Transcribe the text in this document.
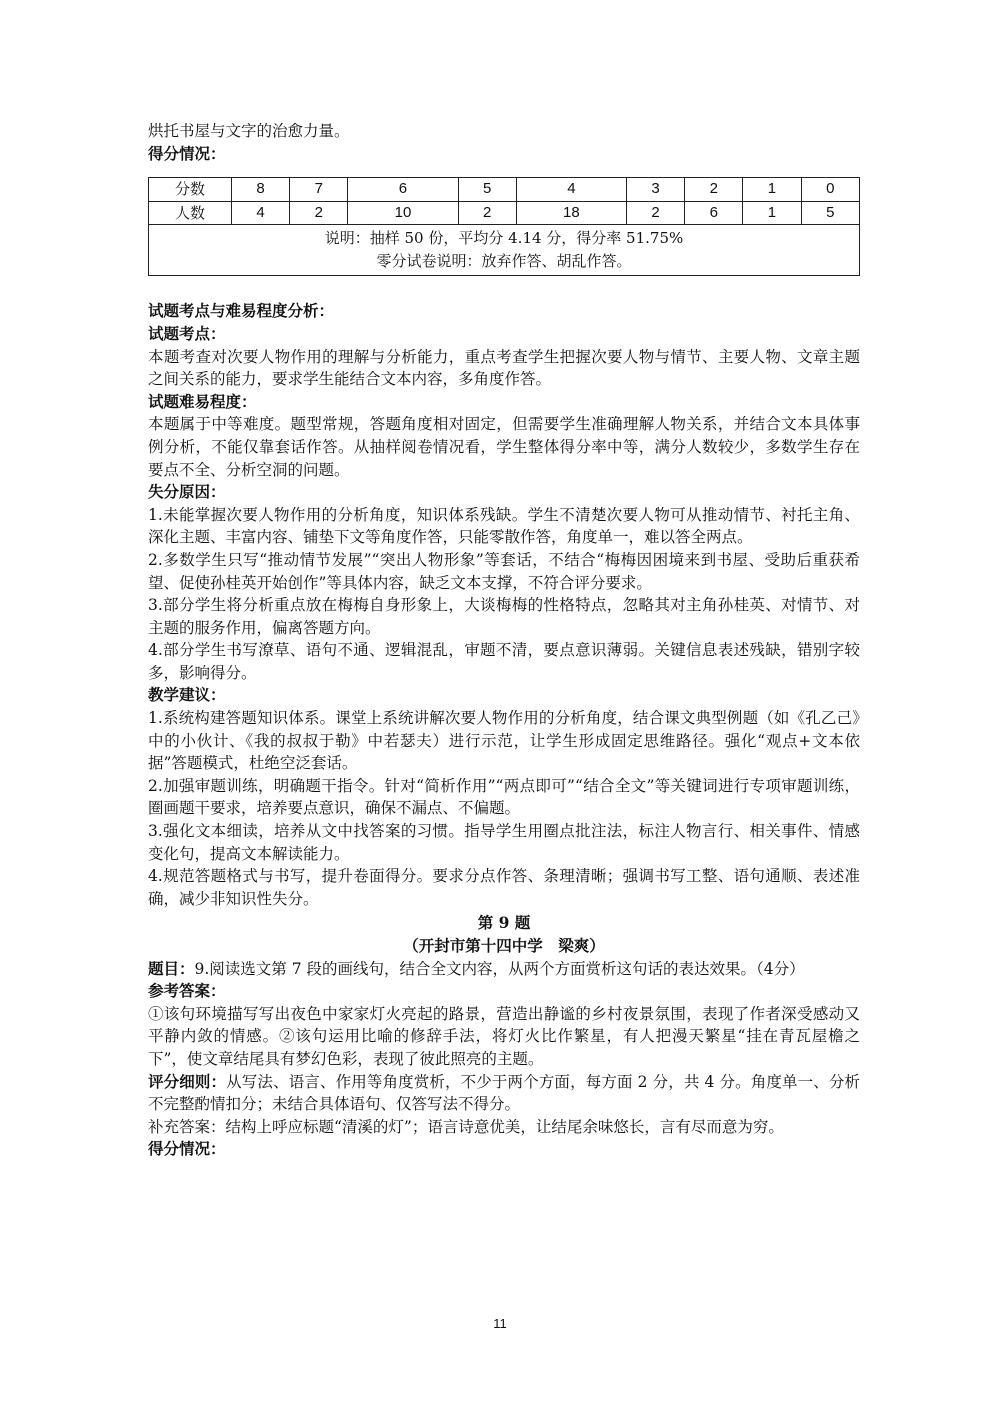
烘托书屋与文字的治愈力量。

得分情况：

分数	8	7	6	5	4	3	2	1	0
人数	4	2	10	2	18	2	6	1	5

说明：抽样 50 份，平均分 4.14 分，得分率 51.75%
零分试卷说明：放弃作答、胡乱作答。									

试题考点与难易程度分析：

试题考点：

本题考查对次要人物作用的理解与分析能力，重点考查学生把握次要人物与情节、主要人物、文章主题之间关系的能力，要求学生能结合文本内容，多角度作答。

试题难易程度：

本题属于中等难度。题型常规，答题角度相对固定，但需要学生准确理解人物关系，并结合文本具体事例分析，不能仅靠套话作答。从抽样阅卷情况看，学生整体得分率中等，满分人数较少，多数学生存在要点不全、分析空洞的问题。

失分原因：

1.未能掌握次要人物作用的分析角度，知识体系残缺。学生不清楚次要人物可从推动情节、衬托主角、深化主题、丰富内容、铺垫下文等角度作答，只能零散作答，角度单一，难以答全两点。

2.多数学生只写“推动情节发展”“突出人物形象”等套话，不结合“梅梅因困境来到书屋、受助后重获希望、促使孙桂英开始创作”等具体内容，缺乏文本支撑，不符合评分要求。

3.部分学生将分析重点放在梅梅自身形象上，大谈梅梅的性格特点，忽略其对主角孙桂英、对情节、对主题的服务作用，偏离答题方向。

4.部分学生书写潦草、语句不通、逻辑混乱，审题不清，要点意识薄弱。关键信息表述残缺，错别字较多，影响得分。

教学建议：

1.系统构建答题知识体系。课堂上系统讲解次要人物作用的分析角度，结合课文典型例题（如《孔乙己》中的小伙计、《我的叔叔于勒》中若瑟夫）进行示范，让学生形成固定思维路径。强化“观点+文本依据”答题模式，杜绝空泛套话。

2.加强审题训练，明确题干指令。针对“简析作用”“两点即可”“结合全文”等关键词进行专项审题训练，圈画题干要求，培养要点意识，确保不漏点、不偏题。

3.强化文本细读，培养从文中找答案的习惯。指导学生用圈点批注法，标注人物言行、相关事件、情感变化句，提高文本解读能力。

4.规范答题格式与书写，提升卷面得分。要求分点作答、条理清晰；强调书写工整、语句通顺、表述准确，减少非知识性失分。

第 9 题

（开封市第十四中学　梁爽）

题目：9.阅读选文第 7 段的画线句，结合全文内容，从两个方面赏析这句话的表达效果。（4分）

参考答案：

①该句环境描写写出夜色中家家灯火亮起的路景，营造出静谧的乡村夜景氛围，表现了作者深受感动又平静内敛的情感。②该句运用比喻的修辞手法，将灯火比作繁星，有人把漫天繁星“挂在青瓦屋檐之下”，使文章结尾具有梦幻色彩，表现了彼此照亮的主题。

评分细则：从写法、语言、作用等角度赏析，不少于两个方面，每方面 2 分，共 4 分。角度单一、分析不完整酌情扣分；未结合具体语句、仅答写法不得分。

补充答案：结构上呼应标题“清溪的灯”；语言诗意优美，让结尾余味悠长，言有尽而意为穷。

得分情况：

11
